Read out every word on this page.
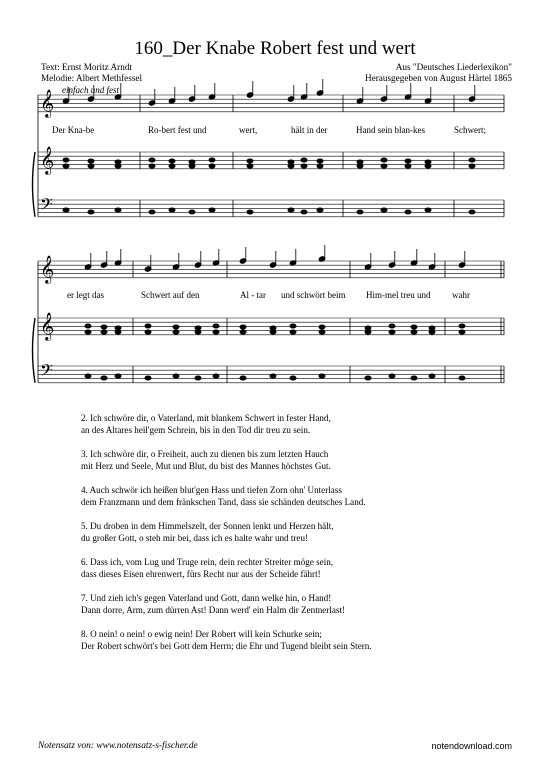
160_Der Knabe Robert fest und wert
Text: Ernst Moritz Arndt
Melodie: Albert Methfessel
Aus "Deutsches Liederlexikon"
Herausgegeben von August Härtel 1865
einfach und fest
𝄞
𝄞
𝄢
𝄞
𝄞
𝄢
Der Kna-be	Ro-bert fest und	wert,	hält in der	Hand sein blan-kes	Schwert;
er legt das	Schwert auf den	Al - tar und schwört beim Him-mel treu und wahr
2. Ich schwöre dir, o Vaterland, mit blankem Schwert in fester Hand,
an des Altares heil'gem Schrein, bis in den Tod dir treu zu sein.
3. Ich schwöre dir, o Freiheit, auch zu dienen bis zum letzten Hauch
mit Herz und Seele, Mut und Blut, du bist des Mannes höchstes Gut.
4. Auch schwör ich heißen blut'gen Hass und tiefen Zorn ohn' Unterlass
dem Franzmann und dem fränkschen Tand, dass sie schänden deutsches Land.
5. Du droben in dem Himmelszelt, der Sonnen lenkt und Herzen hält,
du großer Gott, o steh mir bei, dass ich es halte wahr und treu!
6. Dass ich, vom Lug und Truge rein, dein rechter Streiter möge sein,
dass dieses Eisen ehrenwert, fürs Recht nur aus der Scheide fährt!
7. Und zieh ich's gegen Vaterland und Gott, dann welke hin, o Hand!
Dann dorre, Arm, zum dürren Ast! Dann werd' ein Halm dir Zentnerlast!
8. O nein! o nein! o ewig nein! Der Robert will kein Schurke sein;
Der Robert schwört's bei Gott dem Herrn; die Ehr und Tugend bleibt sein Stern.
Notensatz von: www.notensatz-s-fischer.de	notendownload.com
